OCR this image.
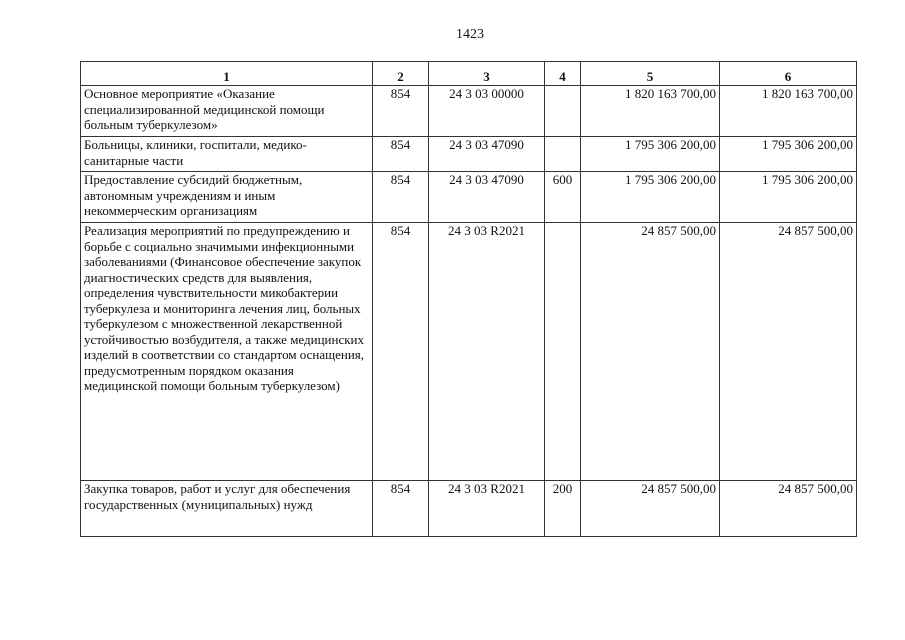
1423
1	2	3	4	5	6
Основное мероприятие «Оказание специализированной медицинской помощи больным туберкулезом»	854	24 3 03 00000		1 820 163 700,00	1 820 163 700,00
Больницы, клиники, госпитали, медико-санитарные части	854	24 3 03 47090		1 795 306 200,00	1 795 306 200,00
Предоставление субсидий бюджетным, автономным учреждениям и иным некоммерческим организациям	854	24 3 03 47090	600	1 795 306 200,00	1 795 306 200,00
Реализация мероприятий по предупреждению и борьбе с социально значимыми инфекционными заболеваниями (Финансовое обеспечение закупок диагностических средств для выявления, определения чувствительности микобактерии туберкулеза и мониторинга лечения лиц, больных туберкулезом с множественной лекарственной устойчивостью возбудителя, а также медицинских изделий в соответствии со стандартом оснащения, предусмотренным порядком оказания медицинской помощи больным туберкулезом)	854	24 3 03 R2021		24 857 500,00	24 857 500,00
Закупка товаров, работ и услуг для обеспечения государственных (муниципальных) нужд	854	24 3 03 R2021	200	24 857 500,00	24 857 500,00
